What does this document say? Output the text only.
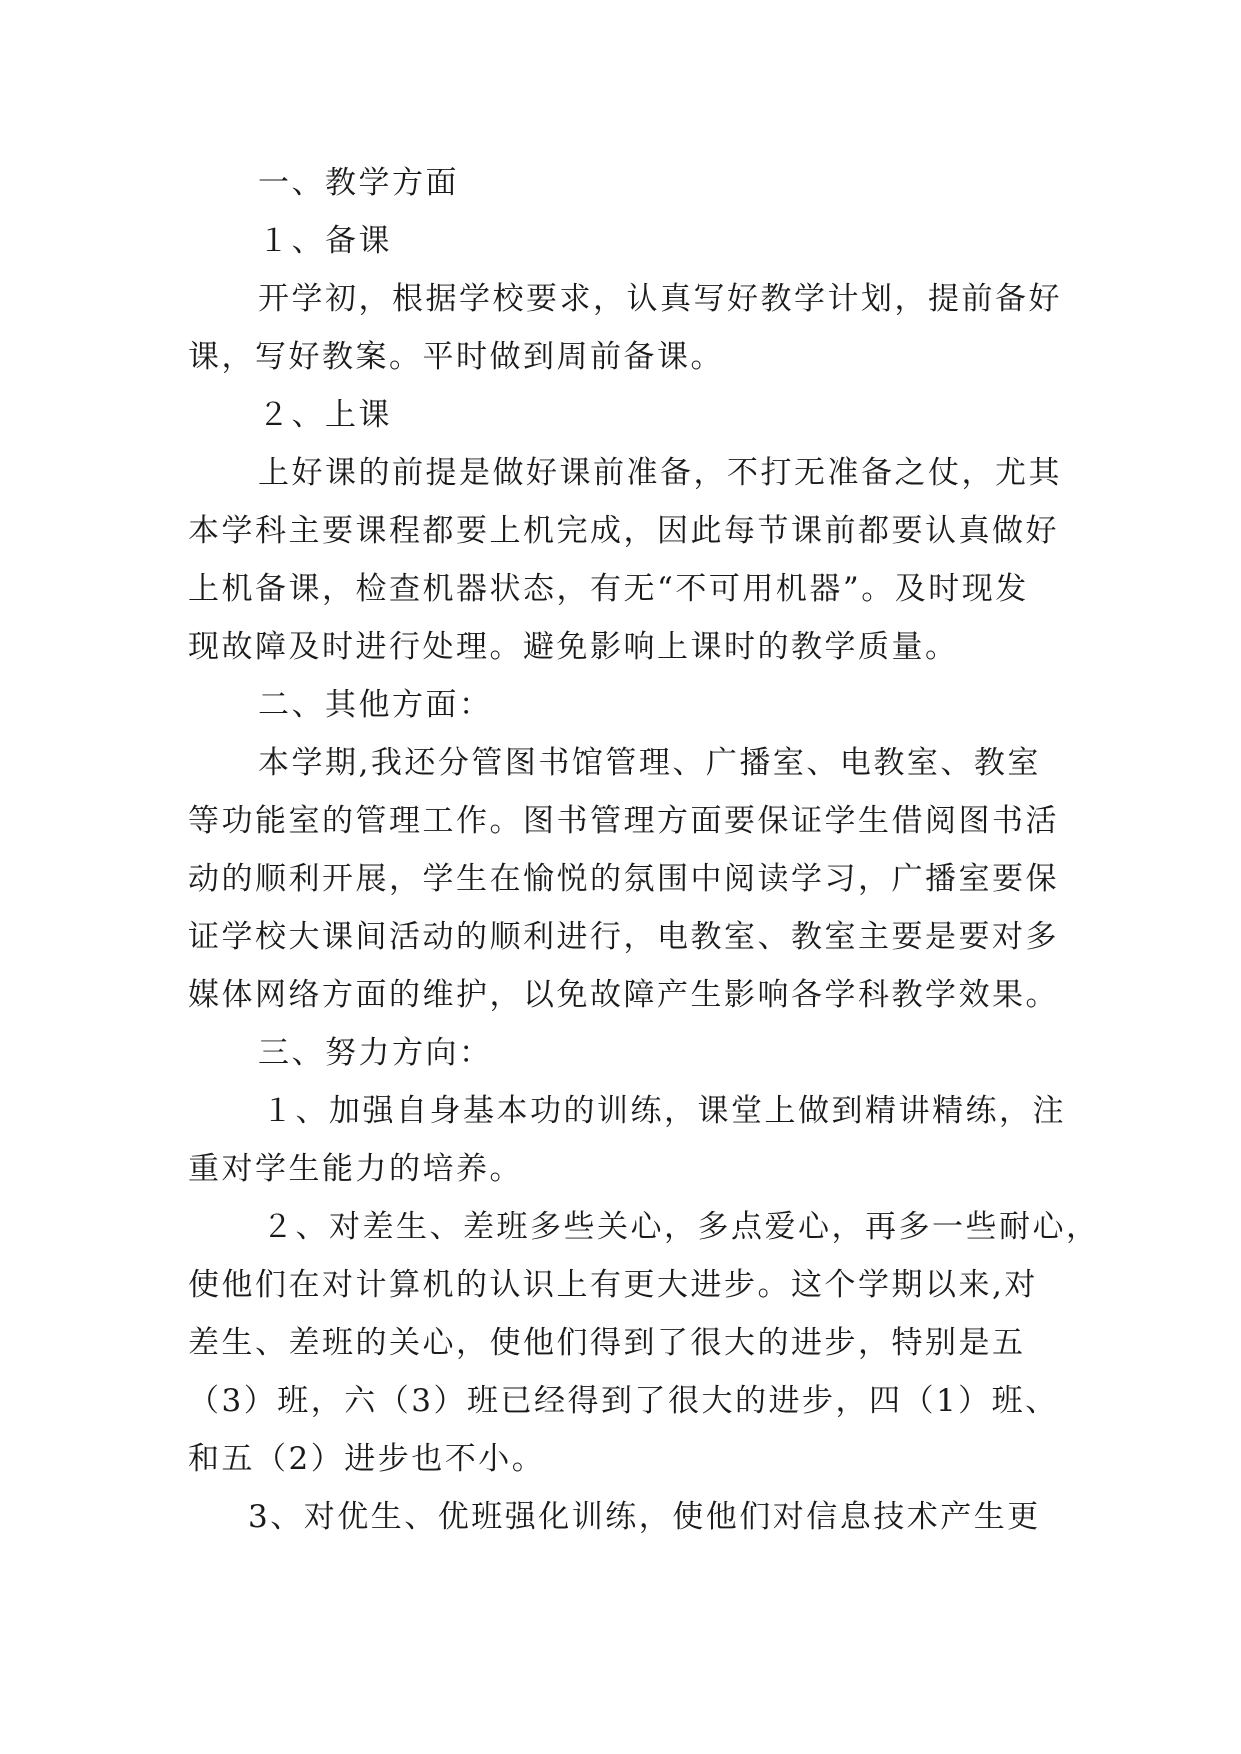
一、教学方面
１、备课
开学初，根据学校要求，认真写好教学计划，提前备好
课，写好教案。平时做到周前备课。
２、上课
上好课的前提是做好课前准备，不打无准备之仗，尤其
本学科主要课程都要上机完成，因此每节课前都要认真做好
上机备课，检查机器状态，有无“不可用机器”。及时现发
现故障及时进行处理。避免影响上课时的教学质量。
二、其他方面：
本学期,我还分管图书馆管理、广播室、电教室、教室
等功能室的管理工作。图书管理方面要保证学生借阅图书活
动的顺利开展，学生在愉悦的氛围中阅读学习，广播室要保
证学校大课间活动的顺利进行，电教室、教室主要是要对多
媒体网络方面的维护，以免故障产生影响各学科教学效果。
三、努力方向：
１、加强自身基本功的训练，课堂上做到精讲精练，注
重对学生能力的培养。
２、对差生、差班多些关心，多点爱心，再多一些耐心，
使他们在对计算机的认识上有更大进步。这个学期以来,对
差生、差班的关心，使他们得到了很大的进步，特别是五
（3）班，六（3）班已经得到了很大的进步，四（1）班、
和五（2）进步也不小。
3、对优生、优班强化训练，使他们对信息技术产生更
